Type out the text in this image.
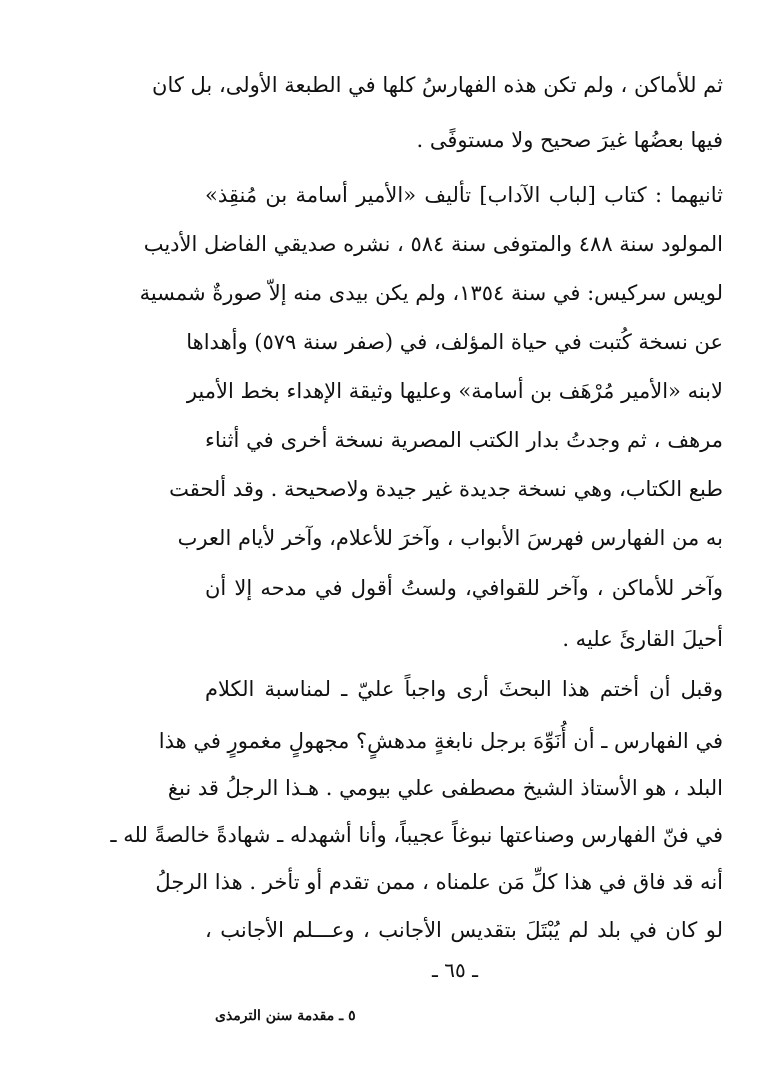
ثم للأماكن ، ولم تكن هذه الفهارسُ كلها في الطبعة الأولى، بل كان
فيها بعضُها غيرَ صحيح ولا مستوفًى .
ثانيهما : كتاب [لباب الآداب] تأليف «الأمير أسامة بن مُنقِذ»
المولود سنة ٤٨٨ والمتوفى سنة ٥٨٤ ، نشره صديقي الفاضل الأديب
لويس سركيس: في سنة ١٣٥٤، ولم يكن بيدى منه إلاّ صورةٌ شمسية
عن نسخة كُتبت في حياة المؤلف، في (صفر سنة ٥٧٩) وأهداها
لابنه «الأمير مُرْهَف بن أسامة» وعليها وثيقة الإهداء بخط الأمير
مرهف ، ثم وجدتُ بدار الكتب المصرية نسخة أخرى في أثناء
طبع الكتاب، وهي نسخة جديدة غير جيدة ولاصحيحة . وقد ألحقت
به من الفهارس فهرسَ الأبواب ، وآخرَ للأعلام، وآخر لأيام العرب
وآخر للأماكن ، وآخر للقوافي، ولستُ أقول في مدحه إلا أن
أحيلَ القارئَ عليه .
وقبل أن أختم هذا البحثَ أرى واجباً عليّ ـ لمناسبة الكلام
في الفهارس ـ أن أُنَوِّهَ برجل نابغةٍ مدهشٍ؟ مجهولٍ مغمورٍ في هذا
البلد ، هو الأستاذ الشيخ مصطفى علي بيومي . هـذا الرجلُ قد نبغ
في فنّ الفهارس وصناعتها نبوغاً عجيباً، وأنا أشهدله ـ شهادةً خالصةً لله ـ
أنه قد فاق في هذا كلِّ مَن علمناه ، ممن تقدم أو تأخر . هذا الرجلُ
لو كان في بلد لم يُبْتَلَ بتقديس الأجانب ، وعـــلم الأجانب ،
ـ ٦٥ ـ
٥ ـ مقدمة سنن الترمذى
